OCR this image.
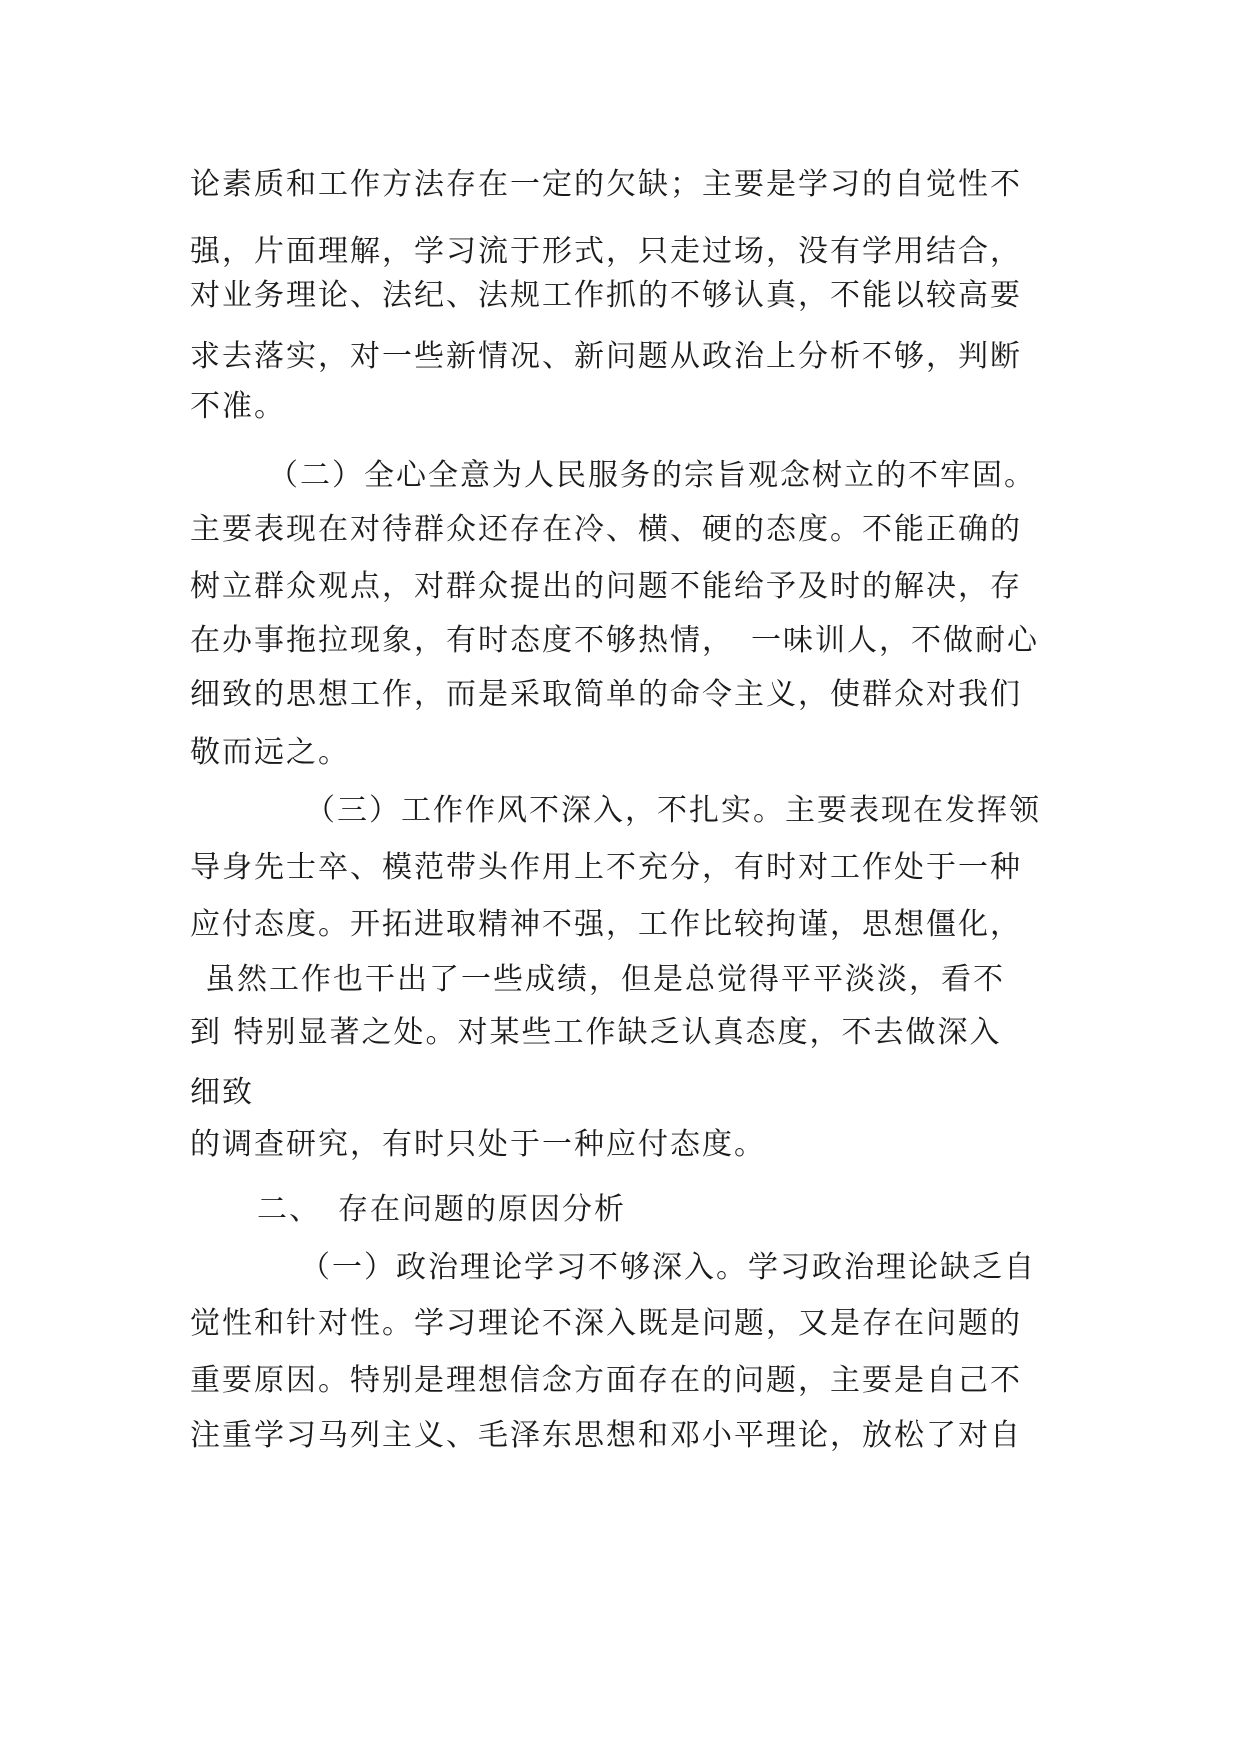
论素质和工作方法存在一定的欠缺；主要是学习的自觉性不
强，片面理解，学习流于形式，只走过场，没有学用结合，
对业务理论、法纪、法规工作抓的不够认真，不能以较高要
求去落实，对一些新情况、新问题从政治上分析不够，判断
不准。
（二）全心全意为人民服务的宗旨观念树立的不牢固。
主要表现在对待群众还存在冷、横、硬的态度。不能正确的
树立群众观点，对群众提出的问题不能给予及时的解决，存
在办事拖拉现象，有时态度不够热情，　一味训人，不做耐心
细致的思想工作，而是采取简单的命令主义，使群众对我们
敬而远之。
（三）工作作风不深入，不扎实。主要表现在发挥领
导身先士卒、模范带头作用上不充分，有时对工作处于一种
应付态度。开拓进取精神不强，工作比较拘谨，思想僵化，
虽然工作也干出了一些成绩，但是总觉得平平淡淡，看不
到 特别显著之处。对某些工作缺乏认真态度，不去做深入
细致
的调查研究，有时只处于一种应付态度。
二、　存在问题的原因分析
（一）政治理论学习不够深入。学习政治理论缺乏自
觉性和针对性。学习理论不深入既是问题，又是存在问题的
重要原因。特别是理想信念方面存在的问题，主要是自己不
注重学习马列主义、毛泽东思想和邓小平理论，放松了对自
